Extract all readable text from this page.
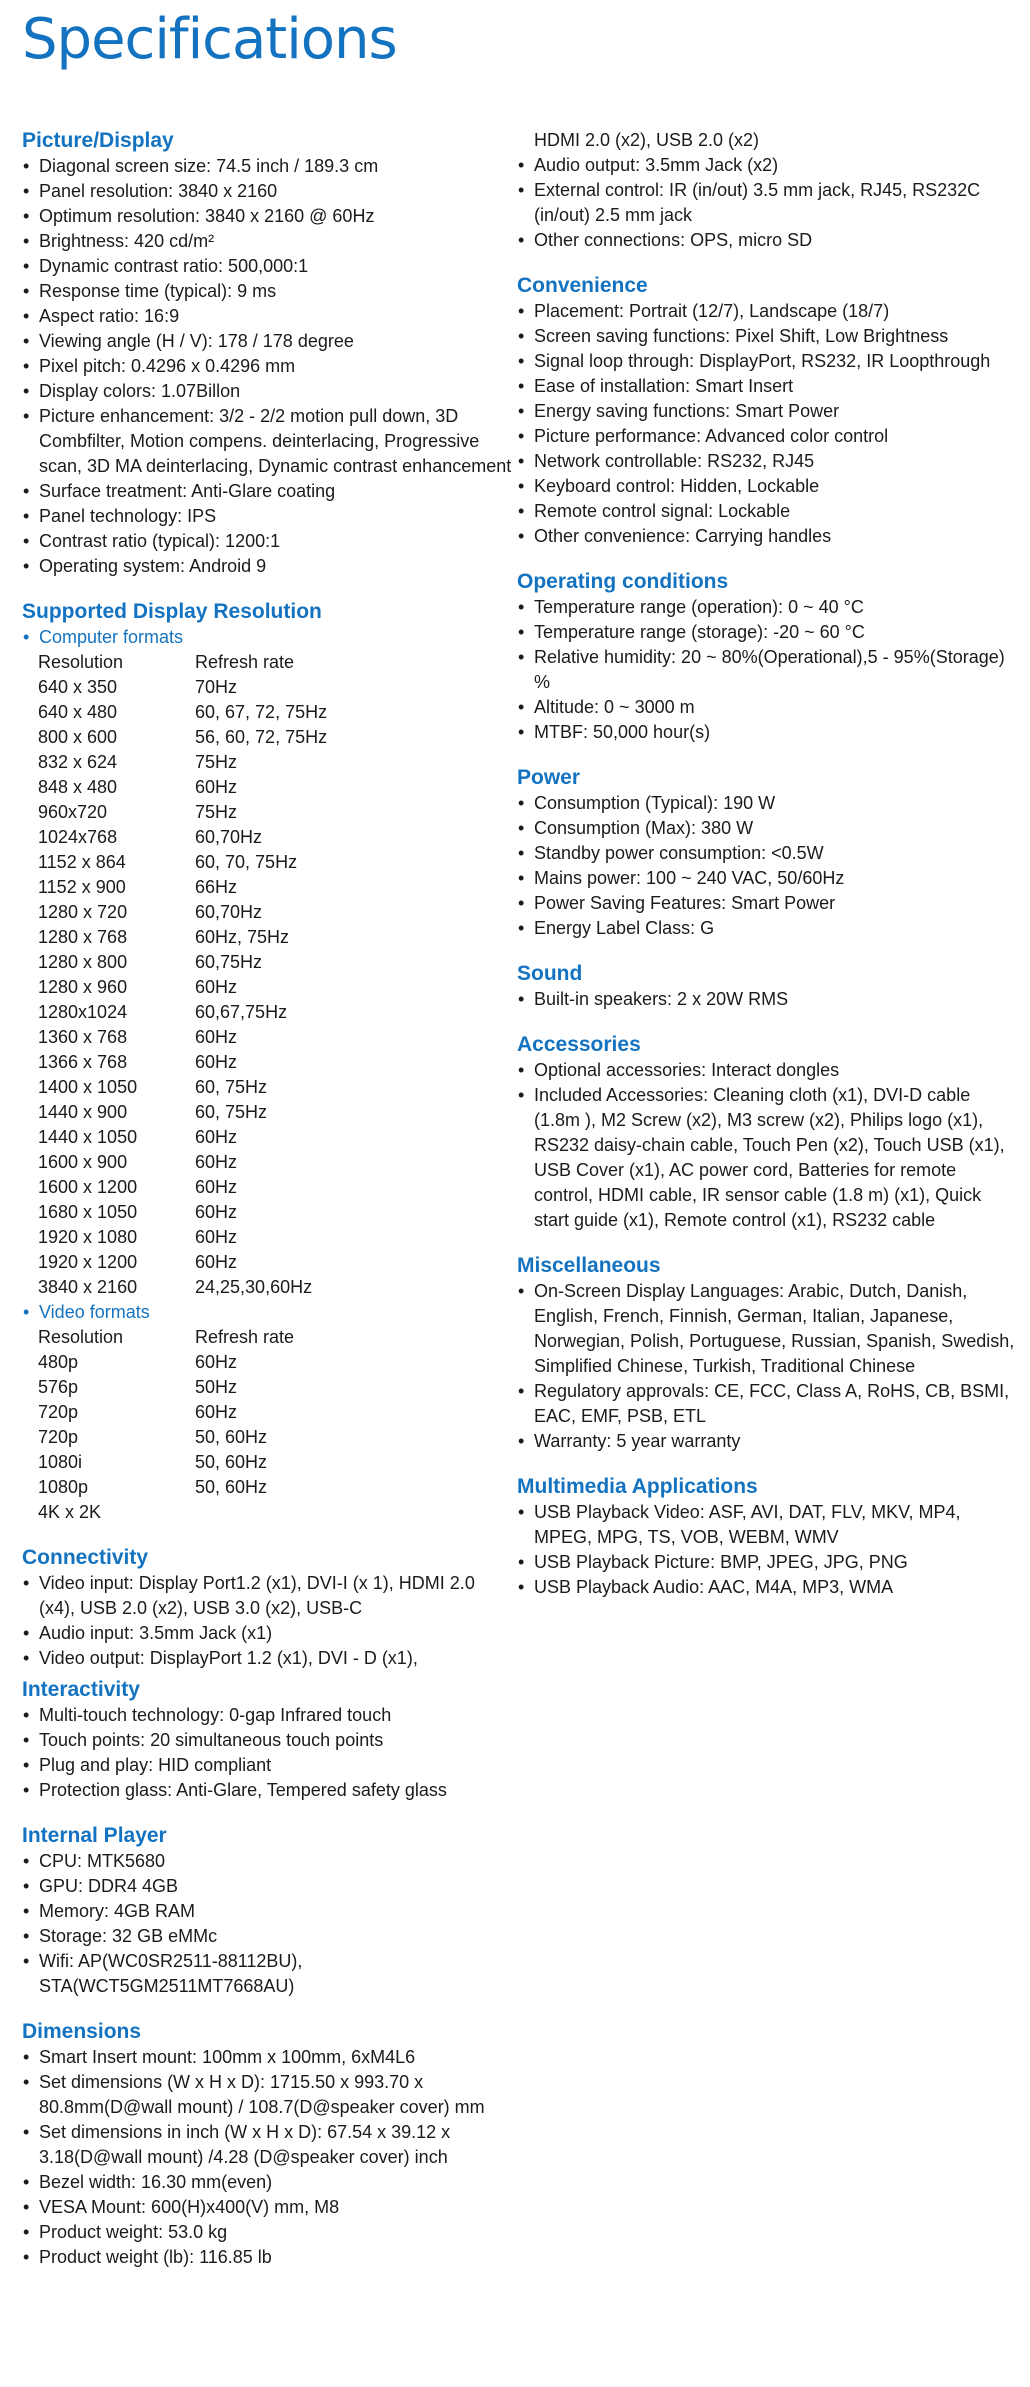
Specifications
Picture/Display
• Diagonal screen size: 74.5 inch / 189.3 cm
• Panel resolution: 3840 x 2160
• Optimum resolution: 3840 x 2160 @ 60Hz
• Brightness: 420 cd/m²
• Dynamic contrast ratio: 500,000:1
• Response time (typical): 9 ms
• Aspect ratio: 16:9
• Viewing angle (H / V): 178 / 178 degree
• Pixel pitch: 0.4296 x 0.4296 mm
• Display colors: 1.07Billon
• Picture enhancement: 3/2 - 2/2 motion pull down, 3D Combfilter, Motion compens. deinterlacing, Progressive scan, 3D MA deinterlacing, Dynamic contrast enhancement
• Surface treatment: Anti-Glare coating
• Panel technology: IPS
• Contrast ratio (typical): 1200:1
• Operating system: Android 9
Supported Display Resolution
• Computer formats
Resolution	Refresh rate
640 x 350	70Hz
640 x 480	60, 67, 72, 75Hz
800 x 600	56, 60, 72, 75Hz
832 x 624	75Hz
848 x 480	60Hz
960x720	75Hz
1024x768	60,70Hz
1152 x 864	60, 70, 75Hz
1152 x 900	66Hz
1280 x 720	60,70Hz
1280 x 768	60Hz, 75Hz
1280 x 800	60,75Hz
1280 x 960	60Hz
1280x1024	60,67,75Hz
1360 x 768	60Hz
1366 x 768	60Hz
1400 x 1050	60, 75Hz
1440 x 900	60, 75Hz
1440 x 1050	60Hz
1600 x 900	60Hz
1600 x 1200	60Hz
1680 x 1050	60Hz
1920 x 1080	60Hz
1920 x 1200	60Hz
3840 x 2160	24,25,30,60Hz
• Video formats
Resolution	Refresh rate
480p	60Hz
576p	50Hz
720p	60Hz
720p	50, 60Hz
1080i	50, 60Hz
1080p	50, 60Hz
4K x 2K	
Connectivity
• Video input: Display Port1.2 (x1), DVI-I (x 1), HDMI 2.0 (x4), USB 2.0 (x2), USB 3.0 (x2), USB-C
• Audio input: 3.5mm Jack (x1)
• Video output: DisplayPort 1.2 (x1), DVI - D (x1),
Interactivity
• Multi-touch technology: 0-gap Infrared touch
• Touch points: 20 simultaneous touch points
• Plug and play: HID compliant
• Protection glass: Anti-Glare, Tempered safety glass
Internal Player
• CPU: MTK5680
• GPU: DDR4 4GB
• Memory: 4GB RAM
• Storage: 32 GB eMMc
• Wifi: AP(WC0SR2511-88112BU), STA(WCT5GM2511MT7668AU)
Dimensions
• Smart Insert mount: 100mm x 100mm, 6xM4L6
• Set dimensions (W x H x D): 1715.50 x 993.70 x 80.8mm(D@wall mount) / 108.7(D@speaker cover) mm
• Set dimensions in inch (W x H x D): 67.54 x 39.12 x 3.18(D@wall mount) /4.28 (D@speaker cover) inch
• Bezel width: 16.30 mm(even)
• VESA Mount: 600(H)x400(V) mm, M8
• Product weight: 53.0 kg
• Product weight (lb): 116.85 lb
HDMI 2.0 (x2), USB 2.0 (x2)
• Audio output: 3.5mm Jack (x2)
• External control: IR (in/out) 3.5 mm jack, RJ45, RS232C (in/out) 2.5 mm jack
• Other connections: OPS, micro SD
Convenience
• Placement: Portrait (12/7), Landscape (18/7)
• Screen saving functions: Pixel Shift, Low Brightness
• Signal loop through: DisplayPort, RS232, IR Loopthrough
• Ease of installation: Smart Insert
• Energy saving functions: Smart Power
• Picture performance: Advanced color control
• Network controllable: RS232, RJ45
• Keyboard control: Hidden, Lockable
• Remote control signal: Lockable
• Other convenience: Carrying handles
Operating conditions
• Temperature range (operation): 0 ~ 40 °C
• Temperature range (storage): -20 ~ 60 °C
• Relative humidity: 20 ~ 80%(Operational),5 - 95%(Storage) %
• Altitude: 0 ~ 3000 m
• MTBF: 50,000 hour(s)
Power
• Consumption (Typical): 190 W
• Consumption (Max): 380 W
• Standby power consumption: <0.5W
• Mains power: 100 ~ 240 VAC, 50/60Hz
• Power Saving Features: Smart Power
• Energy Label Class: G
Sound
• Built-in speakers: 2 x 20W RMS
Accessories
• Optional accessories: Interact dongles
• Included Accessories: Cleaning cloth (x1), DVI-D cable (1.8m ), M2 Screw (x2), M3 screw (x2), Philips logo (x1), RS232 daisy-chain cable, Touch Pen (x2), Touch USB (x1), USB Cover (x1), AC power cord, Batteries for remote control, HDMI cable, IR sensor cable (1.8 m) (x1), Quick start guide (x1), Remote control (x1), RS232 cable
Miscellaneous
• On-Screen Display Languages: Arabic, Dutch, Danish, English, French, Finnish, German, Italian, Japanese, Norwegian, Polish, Portuguese, Russian, Spanish, Swedish, Simplified Chinese, Turkish, Traditional Chinese
• Regulatory approvals: CE, FCC, Class A, RoHS, CB, BSMI, EAC, EMF, PSB, ETL
• Warranty: 5 year warranty
Multimedia Applications
• USB Playback Video: ASF, AVI, DAT, FLV, MKV, MP4, MPEG, MPG, TS, VOB, WEBM, WMV
• USB Playback Picture: BMP, JPEG, JPG, PNG
• USB Playback Audio: AAC, M4A, MP3, WMA
